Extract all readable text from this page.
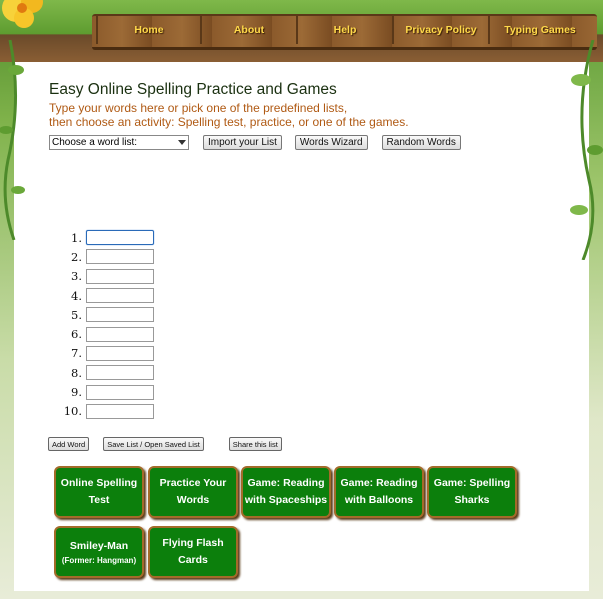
Home	About	Help	Privacy Policy	Typing Games
Easy Online Spelling Practice and Games
Type your words here or pick one of the predefined lists,
then choose an activity: Spelling test, practice, or one of the games.
Choose a word list:	Import your List	Words Wizard	Random Words
1.
2.
3.
4.
5.
6.
7.
8.
9.
10.
Add Word	Save List / Open Saved List	Share this list
Online Spelling
Test
Practice Your
Words
Game: Reading
with Spaceships
Game: Reading
with Balloons
Game: Spelling
Sharks
Smiley-Man
(Former: Hangman)
Flying Flash
Cards
